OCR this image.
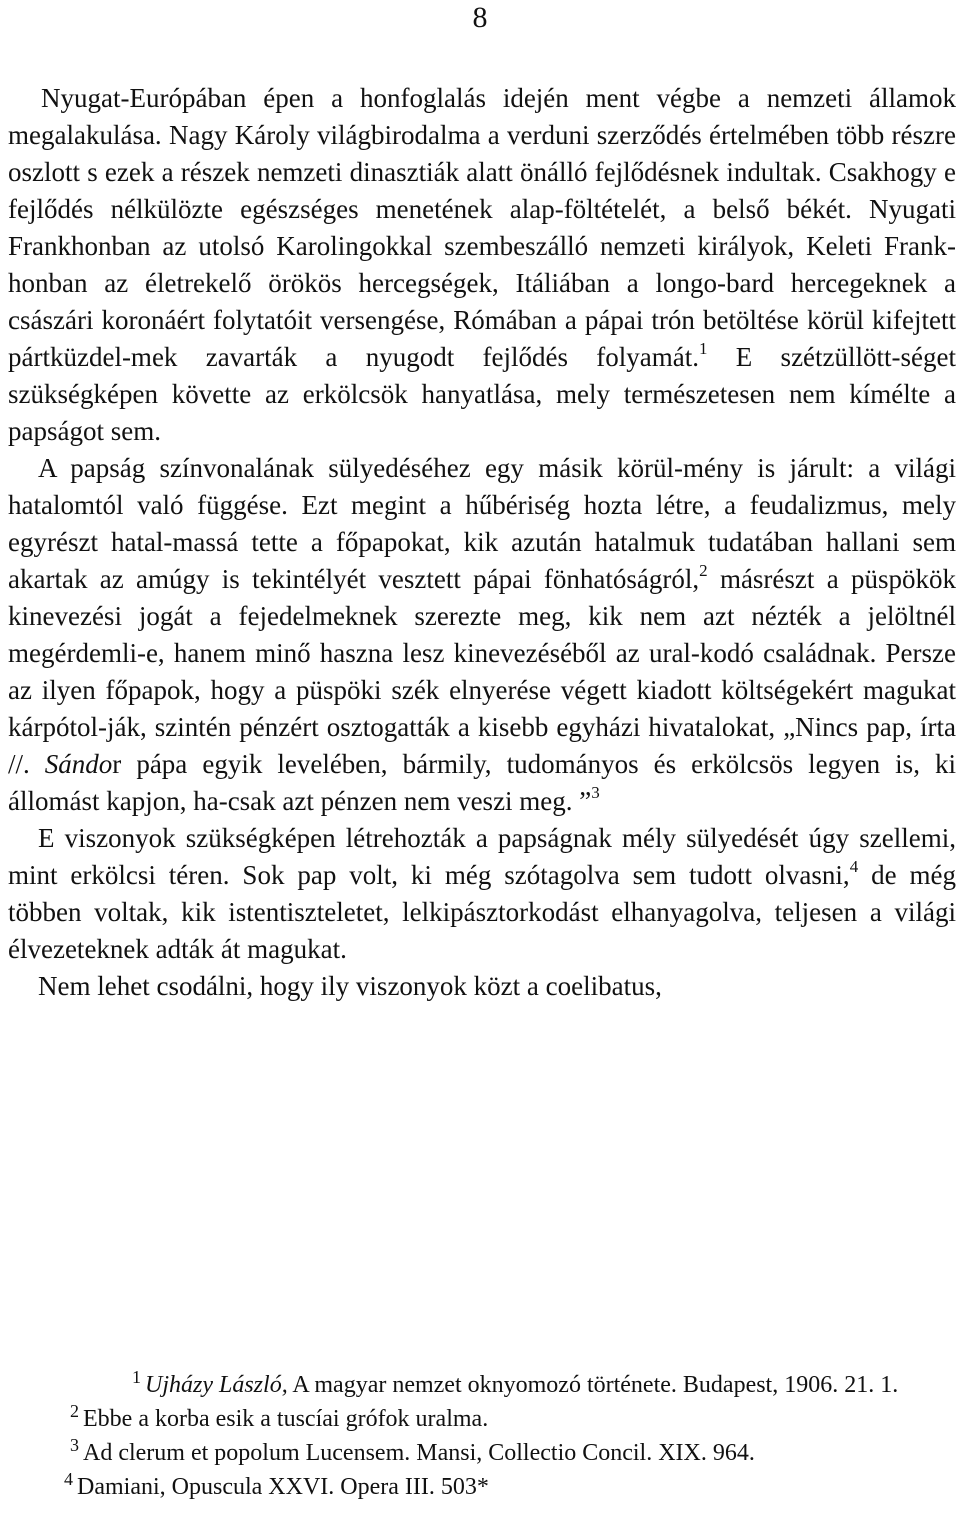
8

Nyugat-Európában épen a honfoglalás idején ment végbe a nemzeti államok megalakulása. Nagy Károly világbirodalma a verduni szerződés értelmében több részre oszlott s ezek a részek nemzeti dinasztiák alatt önálló fejlődésnek indultak. Csakhogy e fejlődés nélkülözte egészséges menetének alap-föltételét, a belső békét. Nyugati Frankhonban az utolsó Karolingokkal szembeszálló nemzeti királyok, Keleti Frank-honban az életrekelő örökös hercegségek, Itáliában a longo-bard hercegeknek a császári koronáért folytatóit versengése, Rómában a pápai trón betöltése körül kifejtett pártküzdel-mek zavarták a nyugodt fejlődés folyamát.$^1$ E szétzüllött-séget szükségképen követte az erkölcsök hanyatlása, mely természetesen nem kímélte a papságot sem.

A papság színvonalának sülyedéséhez egy másik körül-mény is járult: a világi hatalomtól való függése. Ezt megint a hűbériség hozta létre, a feudalizmus, mely egyrészt hatal-massá tette a főpapokat, kik azután hatalmuk tudatában hallani sem akartak az amúgy is tekintélyét vesztett pápai fönhatóságról,$^2$ másrészt a püspökök kinevezési jogát a fejedelmeknek szerezte meg, kik nem azt nézték a jelöltnél megérdemli-e, hanem minő haszna lesz kinevezéséből az ural-kodó családnak. Persze az ilyen főpapok, hogy a püspöki szék elnyerése végett kiadott költségekért magukat kárpótol-ják, szintén pénzért osztogatták a kisebb egyházi hivatalokat, „Nincs pap, írta //. Sándor pápa egyik levelében, bármily, tudományos és erkölcsös legyen is, ki állomást kapjon, ha-csak azt pénzen nem veszi meg. ”$^3$

E viszonyok szükségképen létrehozták a papságnak mély sülyedését úgy szellemi, mint erkölcsi téren. Sok pap volt, ki még szótagolva sem tudott olvasni,$^4$ de még többen voltak, kik istentiszteletet, lelkipásztorkodást elhanyagolva, teljesen a világi élvezeteknek adták át magukat.

Nem lehet csodálni, hogy ily viszonyok közt a coelibatus,

1 Ujházy László, A magyar nemzet oknyomozó története. Budapest, 1906. 21. 1.

2 Ebbe a korba esik a tuscíai grófok uralma.

3 Ad clerum et popolum Lucensem. Mansi, Collectio Concil. XIX. 964.

4 Damiani, Opuscula XXVI. Opera III. 503*
